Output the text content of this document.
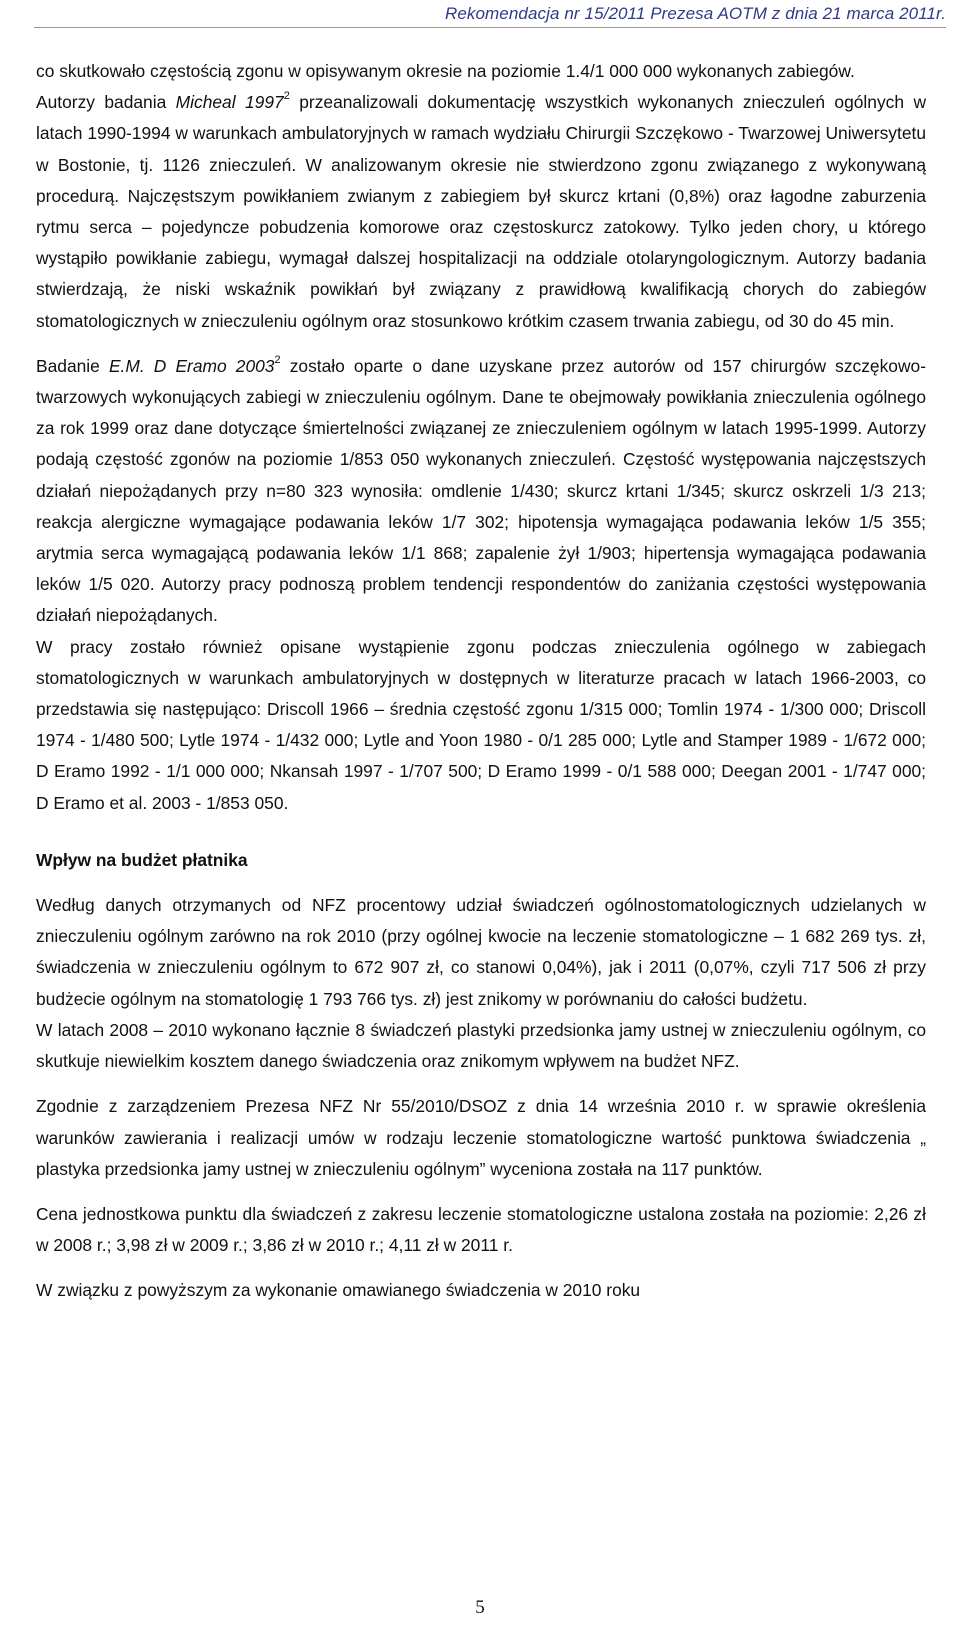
Rekomendacja nr 15/2011 Prezesa AOTM z dnia 21 marca 2011r.

co skutkowało częstością zgonu w opisywanym okresie na poziomie 1.4/1 000 000 wykonanych zabiegów.

Autorzy badania Micheal 1997$^2$ przeanalizowali dokumentację wszystkich wykonanych znieczuleń ogólnych w latach 1990-1994 w warunkach ambulatoryjnych w ramach wydziału Chirurgii Szczękowo - Twarzowej Uniwersytetu w Bostonie, tj. 1126 znieczuleń. W analizowanym okresie nie stwierdzono zgonu związanego z wykonywaną procedurą. Najczęstszym powikłaniem zwianym z zabiegiem był skurcz krtani (0,8%) oraz łagodne zaburzenia rytmu serca – pojedyncze pobudzenia komorowe oraz częstoskurcz zatokowy. Tylko jeden chory, u którego wystąpiło powikłanie zabiegu, wymagał dalszej hospitalizacji na oddziale otolaryngologicznym. Autorzy badania stwierdzają, że niski wskaźnik powikłań był związany z prawidłową kwalifikacją chorych do zabiegów stomatologicznych w znieczuleniu ogólnym oraz stosunkowo krótkim czasem trwania zabiegu, od 30 do 45 min.

Badanie E.M. D Eramo 2003$^2$ zostało oparte o dane uzyskane przez autorów od 157 chirurgów szczękowo-twarzowych wykonujących zabiegi w znieczuleniu ogólnym. Dane te obejmowały powikłania znieczulenia ogólnego za rok 1999 oraz dane dotyczące śmiertelności związanej ze znieczuleniem ogólnym w latach 1995-1999. Autorzy podają częstość zgonów na poziomie 1/853 050 wykonanych znieczuleń. Częstość występowania najczęstszych działań niepożądanych przy n=80 323 wynosiła: omdlenie 1/430; skurcz krtani 1/345; skurcz oskrzeli 1/3 213; reakcja alergiczne wymagające podawania leków 1/7 302; hipotensja wymagająca podawania leków 1/5 355; arytmia serca wymagającą podawania leków 1/1 868; zapalenie żył 1/903; hipertensja wymagająca podawania leków 1/5 020. Autorzy pracy podnoszą problem tendencji respondentów do zaniżania częstości występowania działań niepożądanych.

W pracy zostało również opisane wystąpienie zgonu podczas znieczulenia ogólnego w zabiegach stomatologicznych w warunkach ambulatoryjnych w dostępnych w literaturze pracach w latach 1966-2003, co przedstawia się następująco: Driscoll 1966 – średnia częstość zgonu 1/315 000; Tomlin 1974 - 1/300 000; Driscoll 1974 - 1/480 500; Lytle 1974 - 1/432 000; Lytle and Yoon 1980 - 0/1 285 000; Lytle and Stamper 1989 - 1/672 000; D Eramo 1992 - 1/1 000 000; Nkansah 1997 - 1/707 500; D Eramo 1999 - 0/1 588 000; Deegan 2001 - 1/747 000; D Eramo et al. 2003 - 1/853 050.

Wpływ na budżet płatnika

Według danych otrzymanych od NFZ procentowy udział świadczeń ogólnostomatologicznych udzielanych w znieczuleniu ogólnym zarówno na rok 2010 (przy ogólnej kwocie na leczenie stomatologiczne – 1 682 269 tys. zł, świadczenia w znieczuleniu ogólnym to 672 907 zł, co stanowi 0,04%), jak i 2011 (0,07%, czyli 717 506 zł przy budżecie ogólnym na stomatologię 1 793 766 tys. zł) jest znikomy w porównaniu do całości budżetu.

W latach 2008 – 2010 wykonano łącznie 8 świadczeń plastyki przedsionka jamy ustnej w znieczuleniu ogólnym, co skutkuje niewielkim kosztem danego świadczenia oraz znikomym wpływem na budżet NFZ.

Zgodnie z zarządzeniem Prezesa NFZ Nr 55/2010/DSOZ z dnia 14 września 2010 r. w sprawie określenia warunków zawierania i realizacji umów w rodzaju leczenie stomatologiczne wartość punktowa świadczenia „ plastyka przedsionka jamy ustnej w znieczuleniu ogólnym” wyceniona została na 117 punktów.

Cena jednostkowa punktu dla świadczeń z zakresu leczenie stomatologiczne ustalona została na poziomie: 2,26 zł w 2008 r.; 3,98 zł w 2009 r.; 3,86 zł w 2010 r.; 4,11 zł w 2011 r.

W związku z powyższym za wykonanie omawianego świadczenia w 2010 roku

5
